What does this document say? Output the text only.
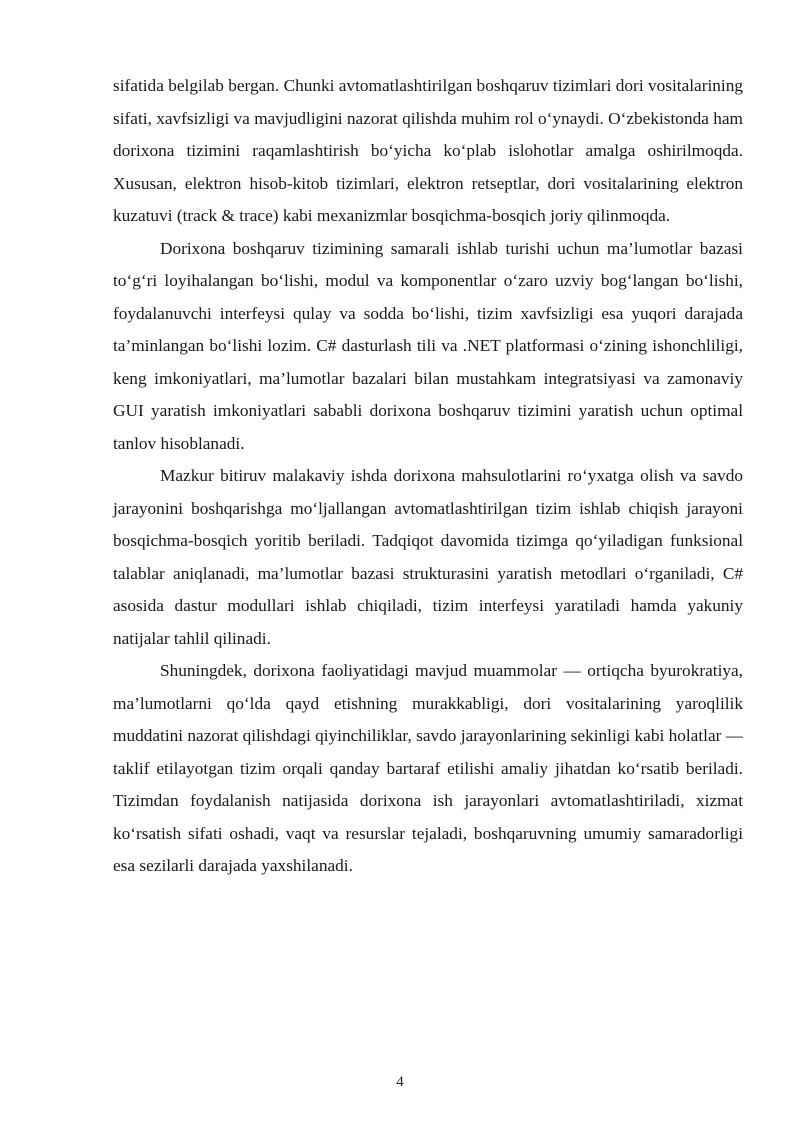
sifatida belgilab bergan. Chunki avtomatlashtirilgan boshqaruv tizimlari dori vositalarining sifati, xavfsizligi va mavjudligini nazorat qilishda muhim rol o‘ynaydi. O‘zbekistonda ham dorixona tizimini raqamlashtirish bo‘yicha ko‘plab islohotlar amalga oshirilmoqda. Xususan, elektron hisob-kitob tizimlari, elektron retseptlar, dori vositalarining elektron kuzatuvi (track & trace) kabi mexanizmlar bosqichma-bosqich joriy qilinmoqda.

Dorixona boshqaruv tizimining samarali ishlab turishi uchun ma’lumotlar bazasi to‘g‘ri loyihalangan bo‘lishi, modul va komponentlar o‘zaro uzviy bog‘langan bo‘lishi, foydalanuvchi interfeysi qulay va sodda bo‘lishi, tizim xavfsizligi esa yuqori darajada ta’minlangan bo‘lishi lozim. C# dasturlash tili va .NET platformasi o‘zining ishonchliligi, keng imkoniyatlari, ma’lumotlar bazalari bilan mustahkam integratsiyasi va zamonaviy GUI yaratish imkoniyatlari sababli dorixona boshqaruv tizimini yaratish uchun optimal tanlov hisoblanadi.

Mazkur bitiruv malakaviy ishda dorixona mahsulotlarini ro‘yxatga olish va savdo jarayonini boshqarishga mo‘ljallangan avtomatlashtirilgan tizim ishlab chiqish jarayoni bosqichma-bosqich yoritib beriladi. Tadqiqot davomida tizimga qo‘yiladigan funksional talablar aniqlanadi, ma’lumotlar bazasi strukturasini yaratish metodlari o‘rganiladi, C# asosida dastur modullari ishlab chiqiladi, tizim interfeysi yaratiladi hamda yakuniy natijalar tahlil qilinadi.

Shuningdek, dorixona faoliyatidagi mavjud muammolar — ortiqcha byurokratiya, ma’lumotlarni qo‘lda qayd etishning murakkabligi, dori vositalarining yaroqlilik muddatini nazorat qilishdagi qiyinchiliklar, savdo jarayonlarining sekinligi kabi holatlar — taklif etilayotgan tizim orqali qanday bartaraf etilishi amaliy jihatdan ko‘rsatib beriladi. Tizimdan foydalanish natijasida dorixona ish jarayonlari avtomatlashtiriladi, xizmat ko‘rsatish sifati oshadi, vaqt va resurslar tejaladi, boshqaruvning umumiy samaradorligi esa sezilarli darajada yaxshilanadi.

4
